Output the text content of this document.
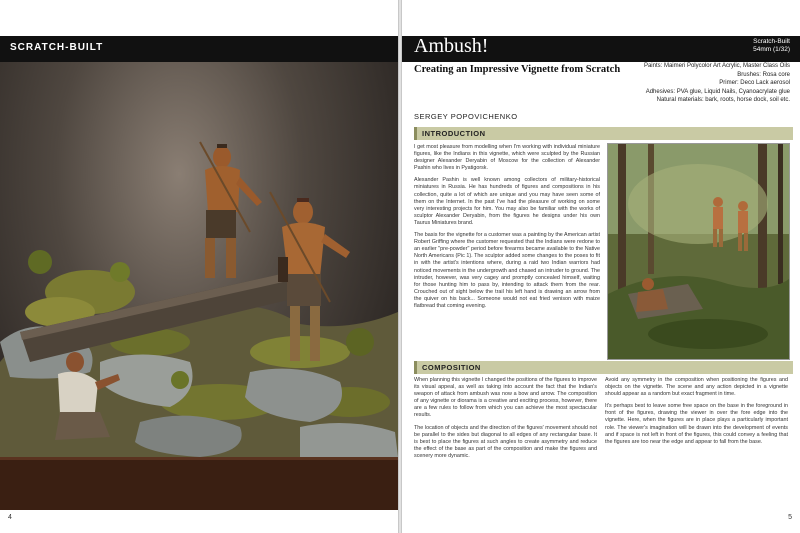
SCRATCH-BUILT
4
Ambush!	Scratch-Built
54mm (1/32)
Creating an Impressive Vignette from Scratch	Paints: Maimeri Polycolor Art Acrylic, Master Class Oils
Brushes: Rosa core
Primer: Deco Lack aerosol
Adhesives: PVA glue, Liquid Nails, Cyanoacrylate glue
Natural materials: bark, roots, horse dock, soil etc.
SERGEY POPOVICHENKO
INTRODUCTION

I get most pleasure from modelling when I'm working with individual miniature figures, like the Indians in this vignette, which were sculpted by the Russian designer Alexander Deryabin of Moscow for the collection of Alexander Pashin who lives in Pyatigorsk.

Alexander Pashin is well known among collectors of military-historical miniatures in Russia. He has hundreds of figures and compositions in his collection, quite a lot of which are unique and you may have seen some of them on the Internet. In the past I've had the pleasure of working on some very interesting projects for him. You may also be familiar with the works of sculptor Alexander Deryabin, from the figures he designs under his own Taurus Miniatures brand.

The basis for the vignette for a customer was a painting by the American artist Robert Griffing where the customer requested that the Indians were redone to an earlier "pre-powder" period before firearms became available to the Native North Americans (Pic 1). The sculptor added some changes to the poses to fit in with the artist's intentions where, during a raid two Indian warriors had noticed movements in the undergrowth and chased an intruder to ground. The intruder, however, was very cagey and promptly concealed himself, waiting for those hunting him to pass by, intending to attack them from the rear. Crouched out of sight below the trail his left hand is drawing an arrow from the quiver on his back... Someone would not eat fried venison with maize flatbread that coming evening.

COMPOSITION

When planning this vignette I changed the positions of the figures to improve its visual appeal, as well as taking into account the fact that the Indian's weapon of attack from ambush was now a bow and arrow. The composition of any vignette or diorama is a creative and exciting process, however, there are a few rules to follow from which you can achieve the most spectacular results.

The location of objects and the direction of the figures' movement should not be parallel to the sides but diagonal to all edges of any rectangular base. It is best to place the figures at such angles to create asymmetry and reduce the effect of the base as part of the composition and make the figures and scenery more dynamic.

Avoid any symmetry in the composition when positioning the figures and objects on the vignette. The scene and any action depicted in a vignette should appear as a random but exact fragment in time.

It's perhaps best to leave some free space on the base in the foreground in front of the figures, drawing the viewer in over the fore edge into the vignette. Here, when the figures are in place plays a particularly important role. The viewer's imagination will be drawn into the development of events and if space is not left in front of the figures, this could convey a feeling that the figures are too near the edge and appear to fall from the base.

5
